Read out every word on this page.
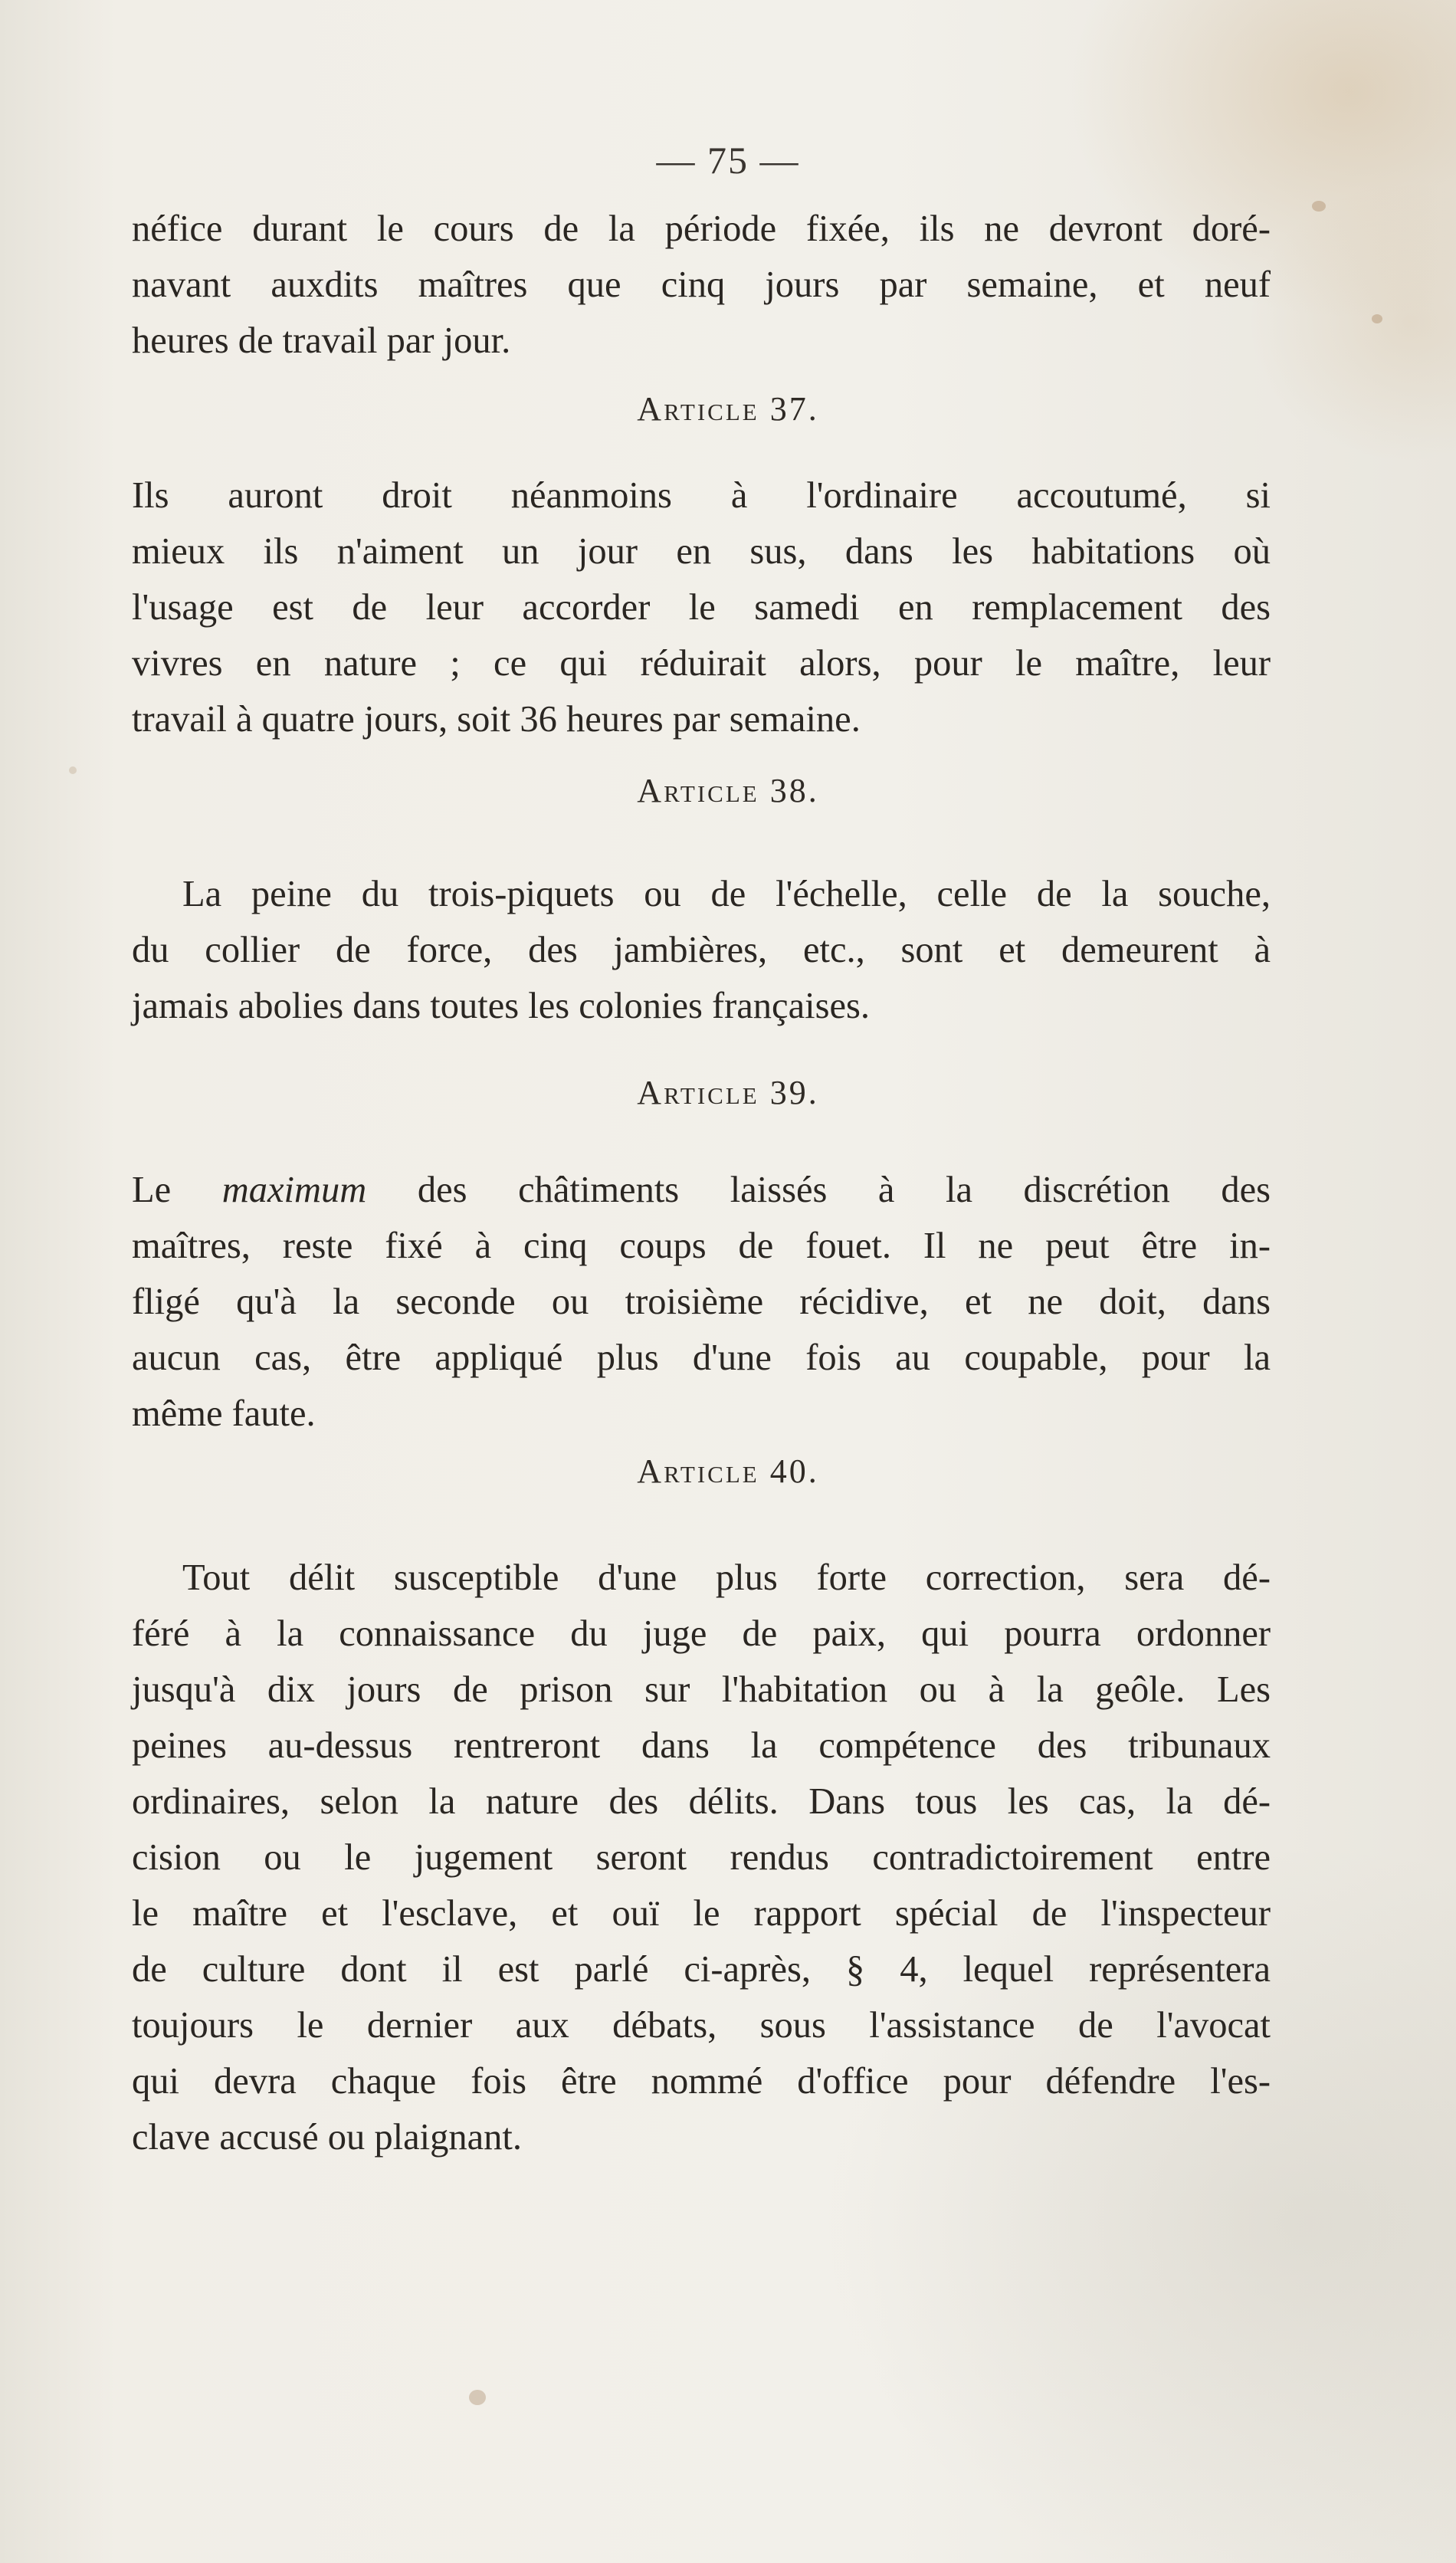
— 75 —
néfice durant le cours de la période fixée, ils ne devront doré-
navant auxdits maîtres que cinq jours par semaine, et neuf
heures de travail par jour.
Article 37.
Ils auront droit néanmoins à l'ordinaire accoutumé, si
mieux ils n'aiment un jour en sus, dans les habitations où
l'usage est de leur accorder le samedi en remplacement des
vivres en nature ; ce qui réduirait alors, pour le maître, leur
travail à quatre jours, soit 36 heures par semaine.
Article 38.
La peine du trois-piquets ou de l'échelle, celle de la souche,
du collier de force, des jambières, etc., sont et demeurent à
jamais abolies dans toutes les colonies françaises.
Article 39.
Le maximum des châtiments laissés à la discrétion des
maîtres, reste fixé à cinq coups de fouet. Il ne peut être in-
fligé qu'à la seconde ou troisième récidive, et ne doit, dans
aucun cas, être appliqué plus d'une fois au coupable, pour la
même faute.
Article 40.
Tout délit susceptible d'une plus forte correction, sera dé-
féré à la connaissance du juge de paix, qui pourra ordonner
jusqu'à dix jours de prison sur l'habitation ou à la geôle. Les
peines au-dessus rentreront dans la compétence des tribunaux
ordinaires, selon la nature des délits. Dans tous les cas, la dé-
cision ou le jugement seront rendus contradictoirement entre
le maître et l'esclave, et ouï le rapport spécial de l'inspecteur
de culture dont il est parlé ci-après, § 4, lequel représentera
toujours le dernier aux débats, sous l'assistance de l'avocat
qui devra chaque fois être nommé d'office pour défendre l'es-
clave accusé ou plaignant.
